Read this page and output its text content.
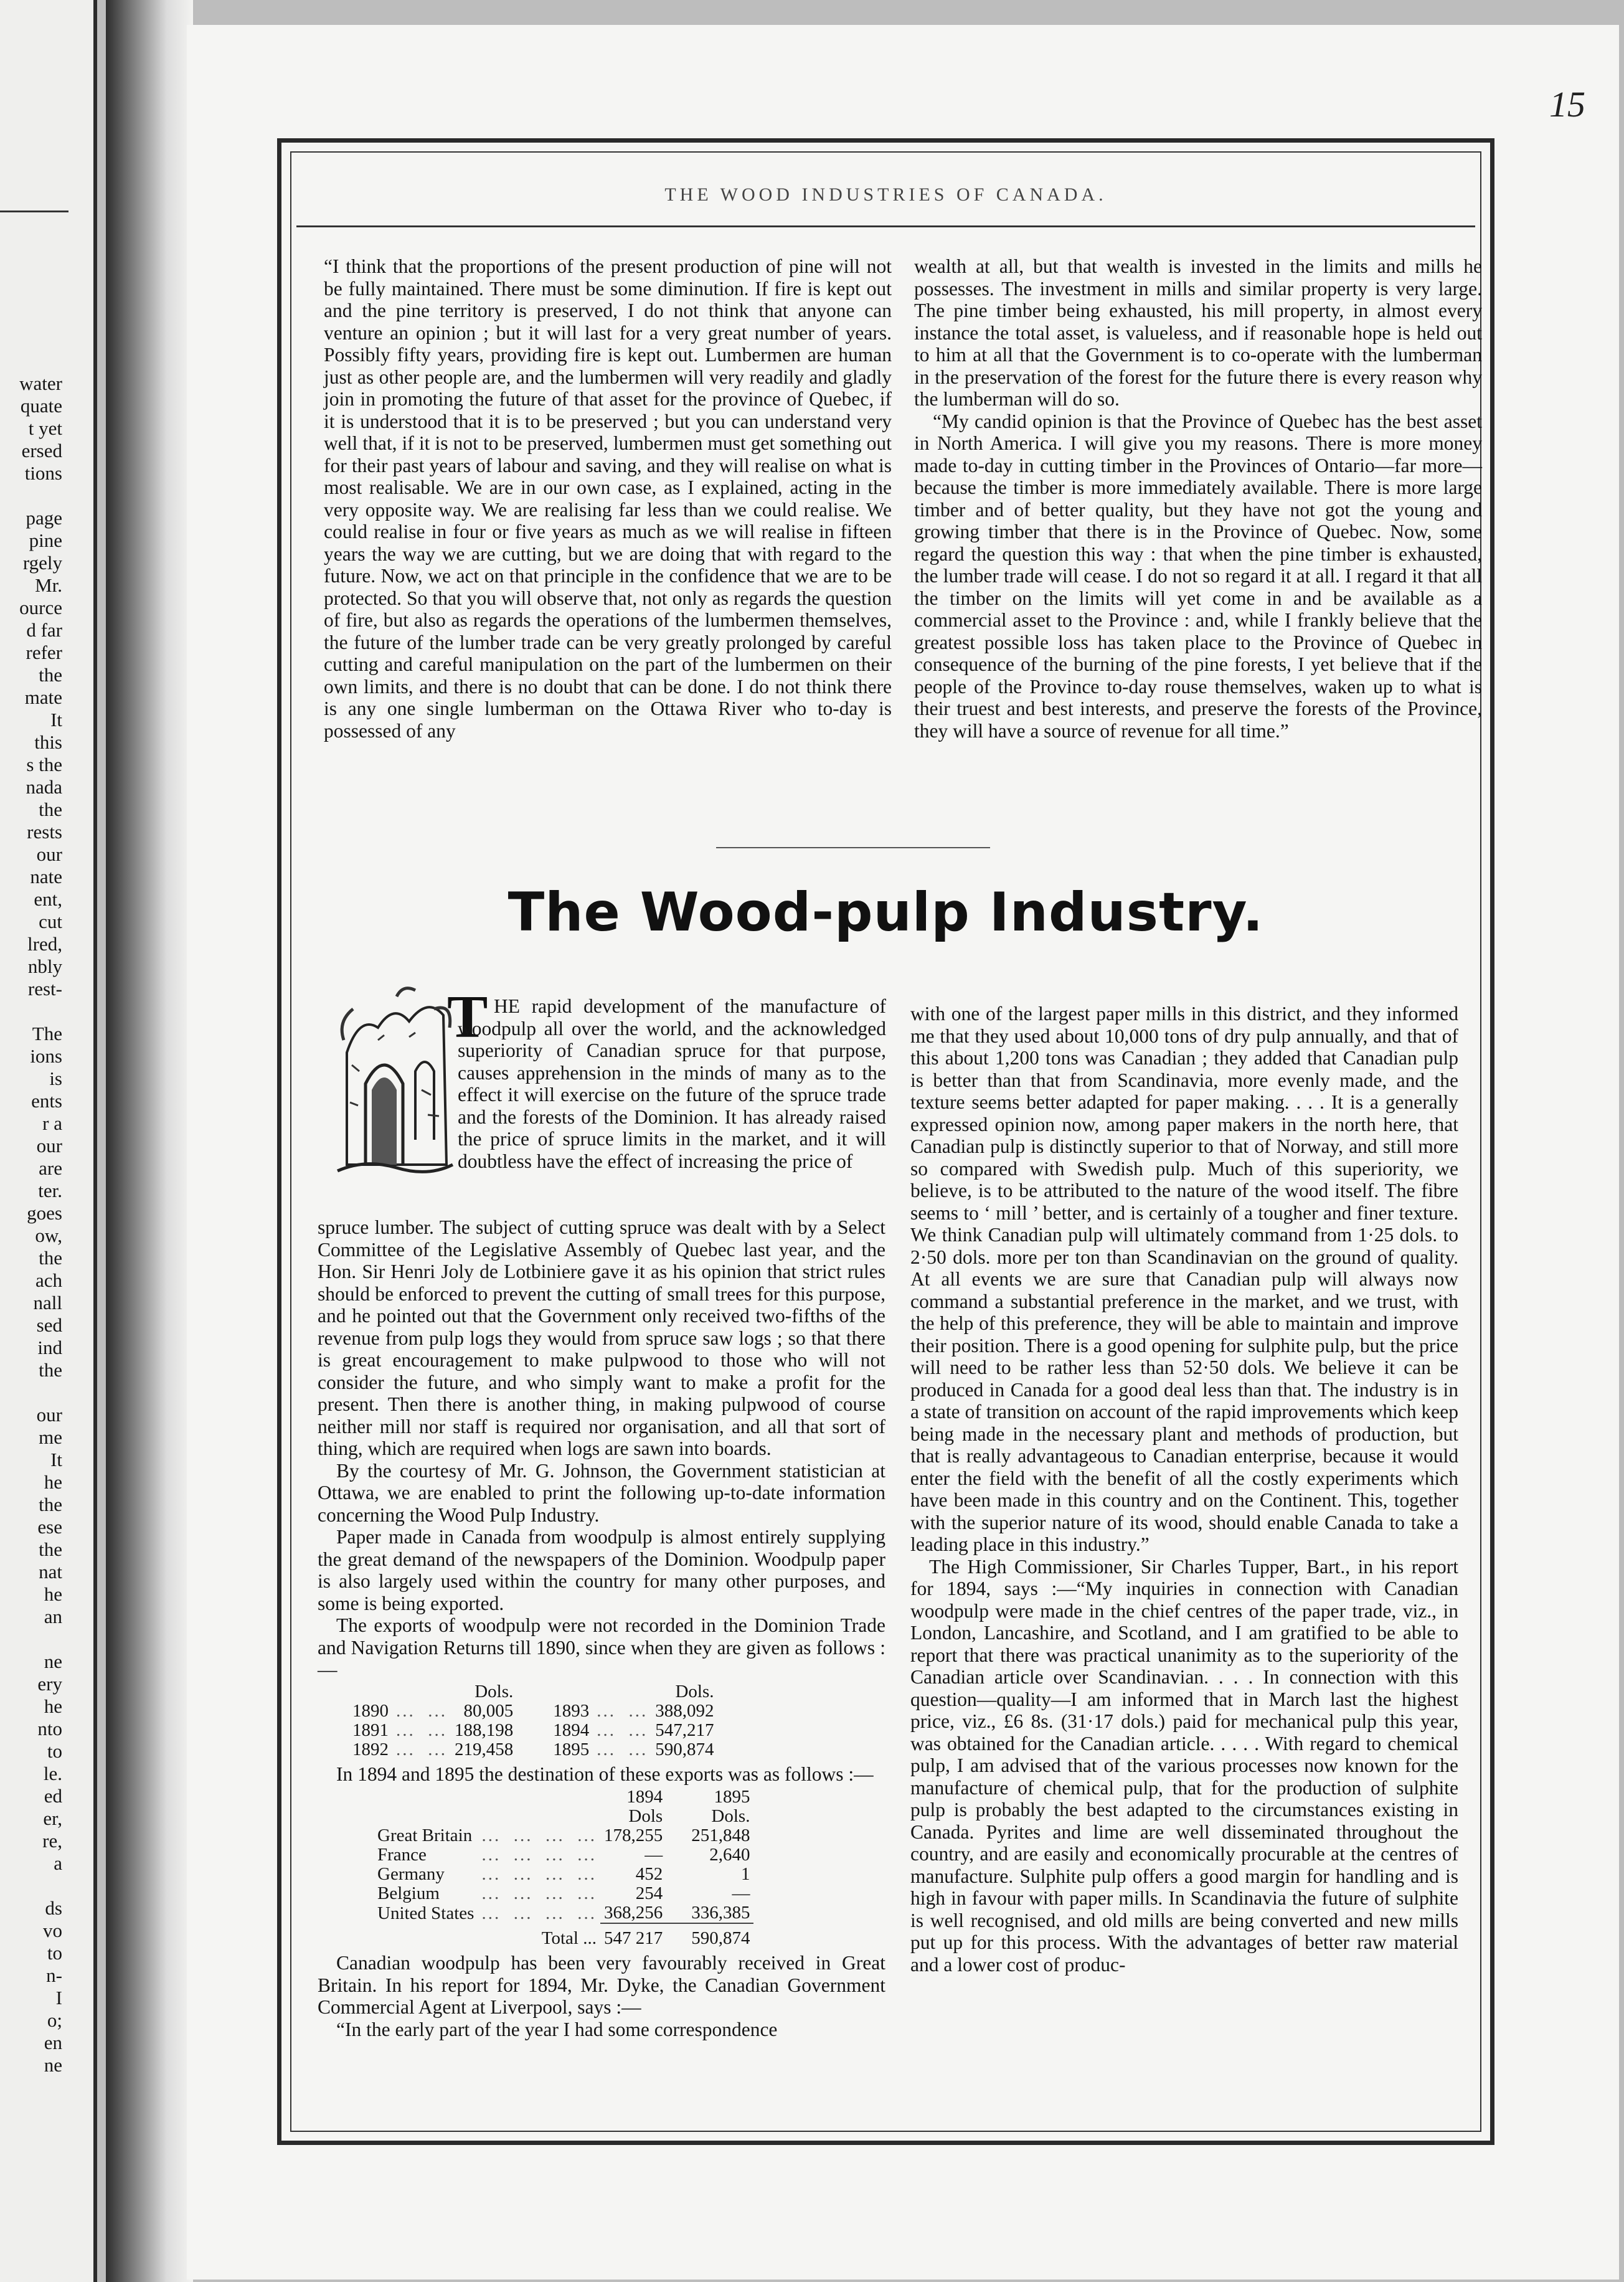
water
quate
t yet
ersed
tions
page
pine
rgely
Mr.
ource
d far
refer
the
mate
It
this
s the
nada
the
rests
our
nate
ent,
cut
lred,
nbly
rest-
The
ions
is
ents
r a
our
are
ter.
goes
ow,
the
ach
nall
sed
ind
the
our
me
It
he
the
ese
the
nat
he
an
ne
ery
he
nto
to
le.
ed
er,
re,
a
ds
vo
to
n-
I
o;
en
ne
15
THE WOOD INDUSTRIES OF CANADA.

“I think that the proportions of the present production of pine will not be fully maintained. There must be some diminution. If fire is kept out and the pine territory is preserved, I do not think that anyone can venture an opinion ; but it will last for a very great number of years. Possibly fifty years, providing fire is kept out. Lumbermen are human just as other people are, and the lumbermen will very readily and gladly join in promoting the future of that asset for the province of Quebec, if it is understood that it is to be preserved ; but you can understand very well that, if it is not to be preserved, lumbermen must get something out for their past years of labour and saving, and they will realise on what is most realisable. We are in our own case, as I explained, acting in the very opposite way. We are realising far less than we could realise. We could realise in four or five years as much as we will realise in fifteen years the way we are cutting, but we are doing that with regard to the future. Now, we act on that principle in the confidence that we are to be protected. So that you will observe that, not only as regards the question of fire, but also as regards the operations of the lumbermen themselves, the future of the lumber trade can be very greatly prolonged by careful cutting and careful manipulation on the part of the lumbermen on their own limits, and there is no doubt that can be done. I do not think there is any one single lumberman on the Ottawa River who to-day is possessed of any

wealth at all, but that wealth is invested in the limits and mills he possesses. The investment in mills and similar property is very large. The pine timber being exhausted, his mill property, in almost every instance the total asset, is valueless, and if reasonable hope is held out to him at all that the Government is to co-operate with the lumberman in the preservation of the forest for the future there is every reason why the lumberman will do so.

“My candid opinion is that the Province of Quebec has the best asset in North America. I will give you my reasons. There is more money made to-day in cutting timber in the Provinces of Ontario—far more—because the timber is more immediately available. There is more large timber and of better quality, but they have not got the young and growing timber that there is in the Province of Quebec. Now, some regard the question this way : that when the pine timber is exhausted, the lumber trade will cease. I do not so regard it at all. I regard it that all the timber on the limits will yet come in and be available as a commercial asset to the Province : and, while I frankly believe that the greatest possible loss has taken place to the Province of Quebec in consequence of the burning of the pine forests, I yet believe that if the people of the Province to-day rouse themselves, waken up to what is their truest and best interests, and preserve the forests of the Province, they will have a source of revenue for all time.”

The Wood-pulp Industry.
T HE rapid development of the manufacture of woodpulp all over the world, and the acknowledged superiority of Canadian spruce for that purpose, causes apprehension in the minds of many as to the effect it will exercise on the future of the spruce trade and the forests of the Dominion. It has already raised the price of spruce limits in the market, and it will doubtless have the effect of increasing the price of

spruce lumber. The subject of cutting spruce was dealt with by a Select Committee of the Legislative Assembly of Quebec last year, and the Hon. Sir Henri Joly de Lotbiniere gave it as his opinion that strict rules should be enforced to prevent the cutting of small trees for this purpose, and he pointed out that the Government only received two-fifths of the revenue from pulp logs they would from spruce saw logs ; so that there is great encouragement to make pulpwood to those who will not consider the future, and who simply want to make a profit for the present. Then there is another thing, in making pulpwood of course neither mill nor staff is required nor organisation, and all that sort of thing, which are required when logs are sawn into boards.

By the courtesy of Mr. G. Johnson, the Government statistician at Ottawa, we are enabled to print the following up-to-date information concerning the Wood Pulp Industry.

Paper made in Canada from woodpulp is almost entirely supplying the great demand of the newspapers of the Dominion. Woodpulp paper is also largely used within the country for many other purposes, and some is being exported.

The exports of woodpulp were not recorded in the Dominion Trade and Navigation Returns till 1890, since when they are given as follows :—

		Dols.				Dols.
1890	...  ...	80,005		1893	...  ...	388,092
1891	...  ...	188,198		1894	...  ...	547,217
1892	...  ...	219,458		1895	...  ...	590,874

In 1894 and 1895 the destination of these exports was as follows :—

		1894	1895
		Dols	Dols.
Great Britain	...  ...  ...  ...	178,255	251,848
France	...  ...  ...  ...	—	2,640
Germany	...  ...  ...  ...	452	1
Belgium	...  ...  ...  ...	254	—
United States	...  ...  ...  ...	368,256	336,385
	Total ...	547 217	590,874

Canadian woodpulp has been very favourably received in Great Britain. In his report for 1894, Mr. Dyke, the Canadian Government Commercial Agent at Liverpool, says :—

“In the early part of the year I had some correspondence

with one of the largest paper mills in this district, and they informed me that they used about 10,000 tons of dry pulp annually, and that of this about 1,200 tons was Canadian ; they added that Canadian pulp is better than that from Scandinavia, more evenly made, and the texture seems better adapted for paper making. . . . It is a generally expressed opinion now, among paper makers in the north here, that Canadian pulp is distinctly superior to that of Norway, and still more so compared with Swedish pulp. Much of this superiority, we believe, is to be attributed to the nature of the wood itself. The fibre seems to ‘ mill ’ better, and is certainly of a tougher and finer texture. We think Canadian pulp will ultimately command from 1·25 dols. to 2·50 dols. more per ton than Scandinavian on the ground of quality. At all events we are sure that Canadian pulp will always now command a substantial preference in the market, and we trust, with the help of this preference, they will be able to maintain and improve their position. There is a good opening for sulphite pulp, but the price will need to be rather less than 52·50 dols. We believe it can be produced in Canada for a good deal less than that. The industry is in a state of transition on account of the rapid improvements which keep being made in the necessary plant and methods of production, but that is really advantageous to Canadian enterprise, because it would enter the field with the benefit of all the costly experiments which have been made in this country and on the Continent. This, together with the superior nature of its wood, should enable Canada to take a leading place in this industry.”

The High Commissioner, Sir Charles Tupper, Bart., in his report for 1894, says :—“My inquiries in connection with Canadian woodpulp were made in the chief centres of the paper trade, viz., in London, Lancashire, and Scotland, and I am gratified to be able to report that there was practical unanimity as to the superiority of the Canadian article over Scandinavian. . . . In connection with this question—quality—I am informed that in March last the highest price, viz., £6 8s. (31·17 dols.) paid for mechanical pulp this year, was obtained for the Canadian article. . . . . With regard to chemical pulp, I am advised that of the various processes now known for the manufacture of chemical pulp, that for the production of sulphite pulp is probably the best adapted to the circumstances existing in Canada. Pyrites and lime are well disseminated throughout the country, and are easily and economically procurable at the centres of manufacture. Sulphite pulp offers a good margin for handling and is high in favour with paper mills. In Scandinavia the future of sulphite is well recognised, and old mills are being converted and new mills put up for this process. With the advantages of better raw material and a lower cost of produc-
